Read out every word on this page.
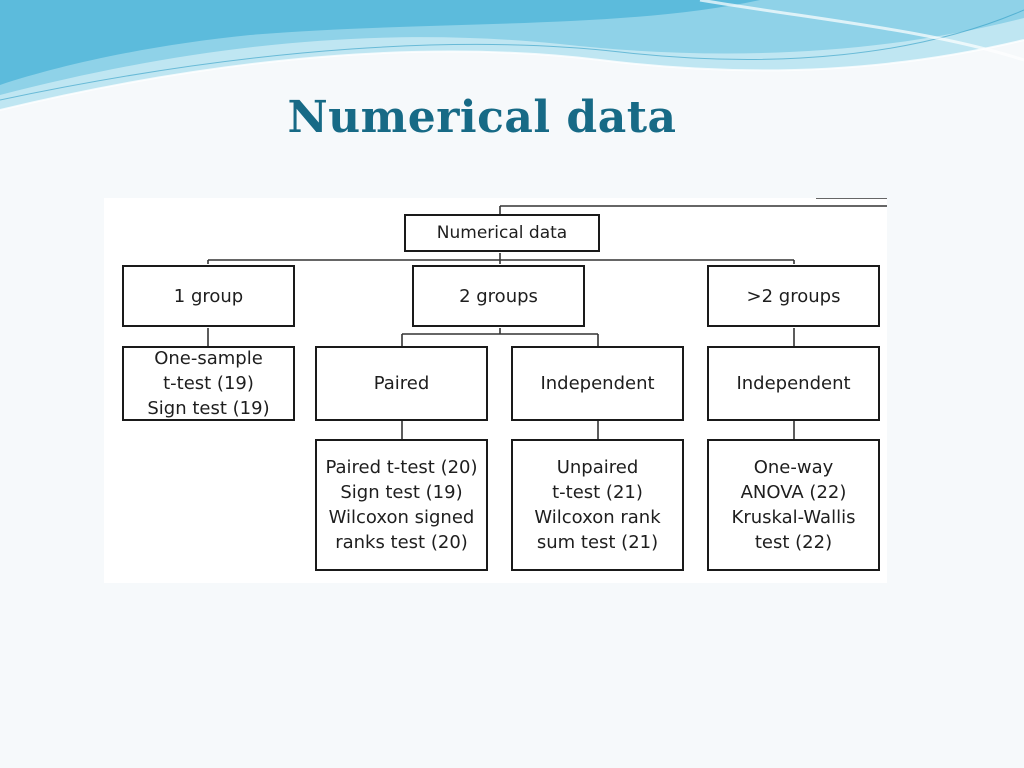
Numerical data
Numerical data
1 group	2 groups	>2 groups
One-sample
t-test (19)
Sign test (19)
Paired	Independent	Independent
Paired t-test (20)
Sign test (19)
Wilcoxon signed
ranks test (20)
Unpaired
t-test (21)
Wilcoxon rank
sum test (21)
One-way
ANOVA (22)
Kruskal-Wallis
test (22)
